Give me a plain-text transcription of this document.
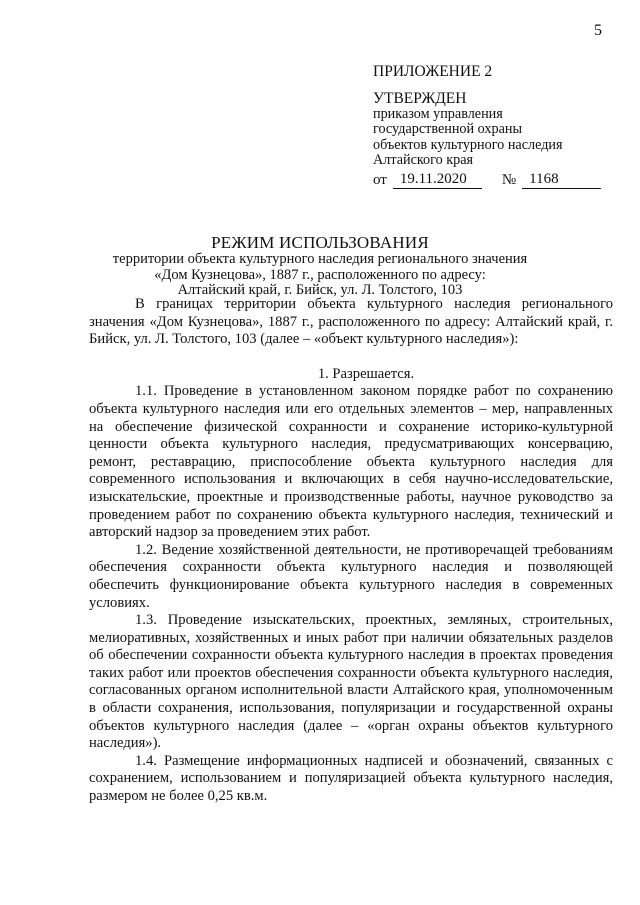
5
ПРИЛОЖЕНИЕ 2
УТВЕРЖДЕН
приказом управления
государственной охраны
объектов культурного наследия
Алтайского края
от 19.11.2020	№ 1168
РЕЖИМ ИСПОЛЬЗОВАНИЯ
территории объекта культурного наследия регионального значения
«Дом Кузнецова», 1887 г., расположенного по адресу:
Алтайский край, г. Бийск, ул. Л. Толстого, 103

В границах территории объекта культурного наследия регионального значения «Дом Кузнецова», 1887 г., расположенного по адресу: Алтайский край, г. Бийск, ул. Л. Толстого, 103 (далее – «объект культурного наследия»):

1. Разрешается.

1.1. Проведение в установленном законом порядке работ по сохранению объекта культурного наследия или его отдельных элементов – мер, направленных на обеспечение физической сохранности и сохранение историко-культурной ценности объекта культурного наследия, предусматривающих консервацию, ремонт, реставрацию, приспособление объекта культурного наследия для современного использования и включающих в себя научно-исследовательские, изыскательские, проектные и производственные работы, научное руководство за проведением работ по сохранению объекта культурного наследия, технический и авторский надзор за проведением этих работ.

1.2. Ведение хозяйственной деятельности, не противоречащей требованиям обеспечения сохранности объекта культурного наследия и позволяющей обеспечить функционирование объекта культурного наследия в современных условиях.

1.3. Проведение изыскательских, проектных, земляных, строительных, мелиоративных, хозяйственных и иных работ при наличии обязательных разделов об обеспечении сохранности объекта культурного наследия в проектах проведения таких работ или проектов обеспечения сохранности объекта культурного наследия, согласованных органом исполнительной власти Алтайского края, уполномоченным в области сохранения, использования, популяризации и государственной охраны объектов культурного наследия (далее – «орган охраны объектов культурного наследия»).

1.4. Размещение информационных надписей и обозначений, связанных с сохранением, использованием и популяризацией объекта культурного наследия, размером не более 0,25 кв.м.
